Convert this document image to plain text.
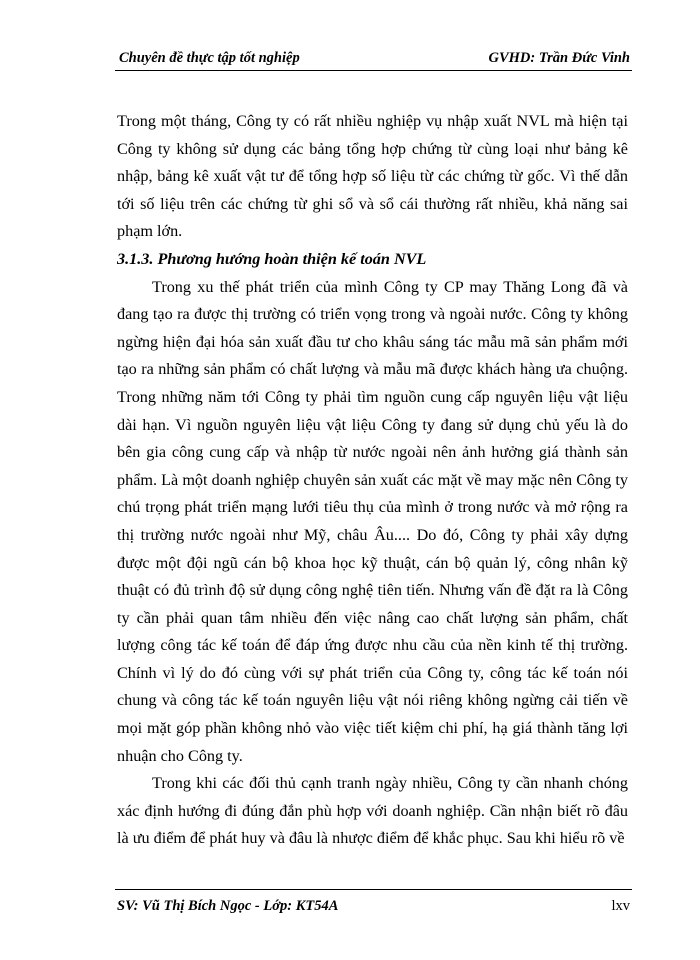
Chuyên đề thực tập tốt nghiệp	GVHD: Trần Đức Vinh

Trong một tháng, Công ty có rất nhiều nghiệp vụ nhập xuất NVL mà hiện tại Công ty không sử dụng các bảng tổng hợp chứng từ cùng loại như bảng kê nhập, bảng kê xuất vật tư để tổng hợp số liệu từ các chứng từ gốc. Vì thế dẫn tới số liệu trên các chứng từ ghi sổ và sổ cái thường rất nhiều, khả năng sai phạm lớn.

3.1.3. Phương hướng hoàn thiện kế toán NVL

Trong xu thế phát triển của mình Công ty CP may Thăng Long đã và đang tạo ra được thị trường có triển vọng trong và ngoài nước. Công ty không ngừng hiện đại hóa sản xuất đầu tư cho khâu sáng tác mẫu mã sản phẩm mới tạo ra những sản phẩm có chất lượng và mẫu mã được khách hàng ưa chuộng. Trong những năm tới Công ty phải tìm nguồn cung cấp nguyên liệu vật liệu dài hạn. Vì nguồn nguyên liệu vật liệu Công ty đang sử dụng chủ yếu là do bên gia công cung cấp và nhập từ nước ngoài nên ảnh hưởng giá thành sản phẩm. Là một doanh nghiệp chuyên sản xuất các mặt về may mặc nên Công ty chú trọng phát triển mạng lưới tiêu thụ của mình ở trong nước và mở rộng ra thị trường nước ngoài như Mỹ, châu Âu.... Do đó, Công ty phải xây dựng được một đội ngũ cán bộ khoa học kỹ thuật, cán bộ quản lý, công nhân kỹ thuật có đủ trình độ sử dụng công nghệ tiên tiến. Nhưng vấn đề đặt ra là Công ty cần phải quan tâm nhiều đến việc nâng cao chất lượng sản phẩm, chất lượng công tác kế toán để đáp ứng được nhu cầu của nền kinh tế thị trường. Chính vì lý do đó cùng với sự phát triển của Công ty, công tác kế toán nói chung và công tác kế toán nguyên liệu vật nói riêng không ngừng cải tiến về mọi mặt góp phần không nhỏ vào việc tiết kiệm chi phí, hạ giá thành tăng lợi nhuận cho Công ty.

Trong khi các đối thủ cạnh tranh ngày nhiều, Công ty cần nhanh chóng xác định hướng đi đúng đắn phù hợp với doanh nghiệp. Cần nhận biết rõ đâu là ưu điểm để phát huy và đâu là nhược điểm để khắc phục. Sau khi hiểu rõ về

SV: Vũ Thị Bích Ngọc - Lớp: KT54A	lxv
